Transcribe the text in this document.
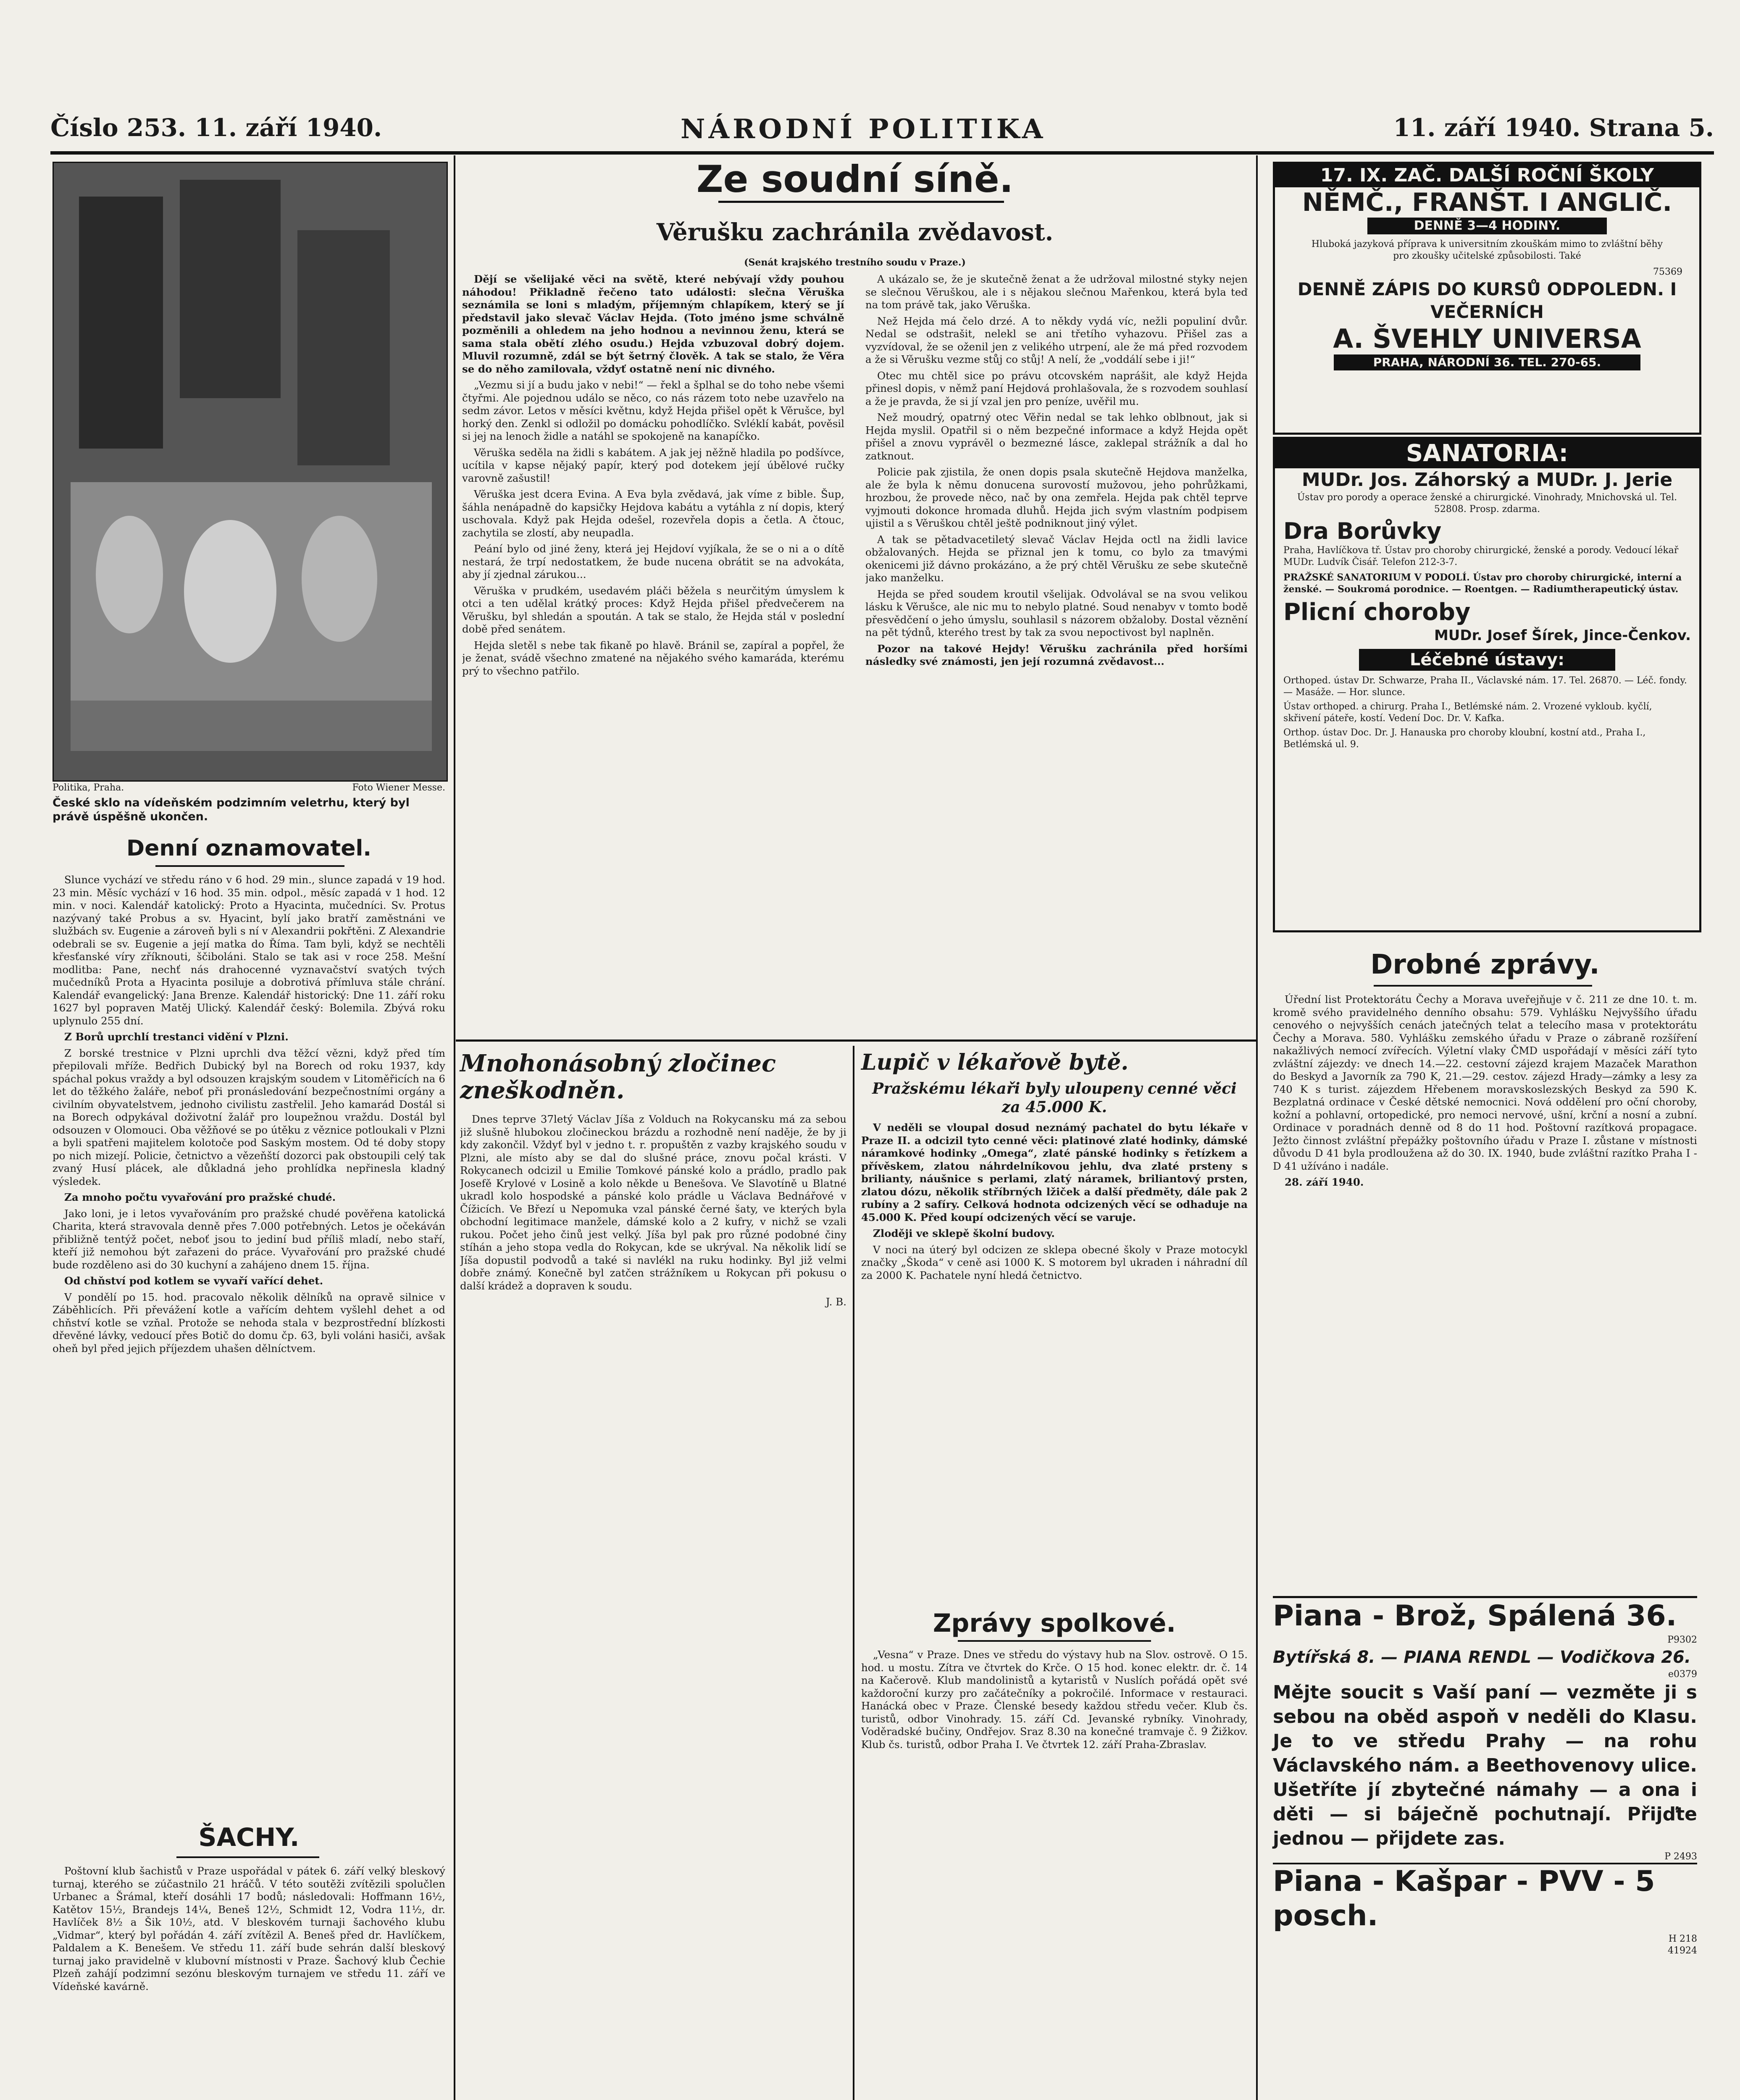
Číslo 253. 11. září 1940.	NÁRODNÍ POLITIKA	11. září 1940. Strana 5.
Politika, Praha.	Foto Wiener Messe.
České sklo na vídeňském podzimním veletrhu, který byl právě úspěšně ukončen.
Denní oznamovatel.

Slunce vychází ve středu ráno v 6 hod. 29 min., slunce zapadá v 19 hod. 23 min. Měsíc vychází v 16 hod. 35 min. odpol., měsíc zapadá v 1 hod. 12 min. v noci. Kalendář katolický: Proto a Hyacinta, mučedníci. Sv. Protus nazývaný také Probus a sv. Hyacint, bylí jako bratří zaměstnáni ve službách sv. Eugenie a zároveň byli s ní v Alexandrii pokřtěni. Z Alexandrie odebrali se sv. Eugenie a její matka do Říma. Tam byli, když se nechtěli křesťanské víry zříknouti, ščiboláni. Stalo se tak asi v roce 258. Mešní modlitba: Pane, nechť nás drahocenné vyznavačství svatých tvých mučedníků Prota a Hyacinta posiluje a dobrotivá přímluva stále chrání. Kalendář evangelický: Jana Brenze. Kalendář historický: Dne 11. září roku 1627 byl popraven Matěj Ulický. Kalendář český: Bolemila. Zbývá roku uplynulo 255 dní.

Z Borů uprchlí trestanci vidění v Plzni.

Z borské trestnice v Plzni uprchli dva těžcí vězni, když před tím přepilovali mříže. Bedřich Dubický byl na Borech od roku 1937, kdy spáchal pokus vraždy a byl odsouzen krajským soudem v Litoměřicích na 6 let do těžkého žaláře, neboť při pronásledování bezpečnostními orgány a civilním obyvatelstvem, jednoho civilistu zastřelil. Jeho kamarád Dostál si na Borech odpykával doživotní žalář pro loupežnou vraždu. Dostál byl odsouzen v Olomouci. Oba věžňové se po útěku z věznice potloukali v Plzni a byli spatřeni majitelem kolotoče pod Saským mostem. Od té doby stopy po nich mizejí. Policie, četnictvo a vězeňští dozorci pak obstoupili celý tak zvaný Husí plácek, ale důkladná jeho prohlídka nepřinesla kladný výsledek.

Za mnoho počtu vyvařování pro pražské chudé.

Jako loni, je i letos vyvařováním pro pražské chudé pověřena katolická Charita, která stravovala denně přes 7.000 potřebných. Letos je očekáván přibližně tentýž počet, neboť jsou to jediní bud příliš mladí, nebo staří, kteří již nemohou být zařazeni do práce. Vyvařování pro pražské chudé bude rozděleno asi do 30 kuchyní a zahájeno dnem 15. října.

Od chňství pod kotlem se vyvaří vařící dehet.

V pondělí po 15. hod. pracovalo několik dělníků na opravě silnice v Záběhlicích. Při převážení kotle a vařícím dehtem vyšlehl dehet a od chňství kotle se vzňal. Protože se nehoda stala v bezprostřední blízkosti dřevěné lávky, vedoucí přes Botič do domu čp. 63, byli voláni hasiči, avšak oheň byl před jejich příjezdem uhašen dělníctvem.

ŠACHY.

Poštovní klub šachistů v Praze uspořádal v pátek 6. září velký bleskový turnaj, kterého se zúčastnilo 21 hráčů. V této soutěži zvítězili spolučlen Urbanec a Šrámal, kteří dosáhli 17 bodů; následovali: Hoffmann 16½, Katětov 15½, Brandejs 14¼, Beneš 12½, Schmidt 12, Vodra 11½, dr. Havlíček 8½ a Šik 10½, atd. V bleskovém turnaji šachového klubu „Vidmar“, který byl pořádán 4. září zvítězil A. Beneš před dr. Havlíčkem, Paldalem a K. Benešem. Ve středu 11. září bude sehrán další bleskový turnaj jako pravidelně v klubovní místnosti v Praze. Šachový klub Čechie Plzeň zahájí podzimní sezónu bleskovým turnajem ve středu 11. září ve Vídeňské kavárně.

Ze soudní síně.
Věrušku zachránila zvědavost.
(Senát krajského trestního soudu v Praze.)

Dějí se všelijaké věci na světě, které nebývají vždy pouhou náhodou! Přikladně řečeno tato události: slečna Věruška seznámila se loni s mladým, příjemným chlapíkem, který se jí představil jako slevač Václav Hejda. (Toto jméno jsme schválně pozměnili a ohledem na jeho hodnou a nevinnou ženu, která se sama stala obětí zlého osudu.) Hejda vzbuzoval dobrý dojem. Mluvil rozumně, zdál se být šetrný člověk. A tak se stalo, že Věra se do něho zamilovala, vždyť ostatně není nic divného.

„Vezmu si jí a budu jako v nebi!“ — řekl a šplhal se do toho nebe všemi čtyřmi. Ale pojednou událo se něco, co nás rázem toto nebe uzavřelo na sedm závor. Letos v měsíci květnu, když Hejda přišel opět k Věrušce, byl horký den. Zenkl si odložil po domácku pohodlíčko. Svléklí kabát, pověsil si jej na lenoch židle a natáhl se spokojeně na kanapíčko.

Věruška seděla na židli s kabátem. A jak jej něžně hladila po podšívce, ucítila v kapse nějaký papír, který pod dotekem její úbělové ručky varovně zašustil!

Věruška jest dcera Evina. A Eva byla zvědavá, jak víme z bible. Šup, šáhla nenápadně do kapsičky Hejdova kabátu a vytáhla z ní dopis, který uschovala. Když pak Hejda odešel, rozevřela dopis a četla. A čtouc, zachytila se zlostí, aby neupadla.

Peání bylo od jiné ženy, která jej Hejdoví vyjíkala, že se o ni a o dítě nestará, že trpí nedostatkem, že bude nucena obrátit se na advokáta, aby jí zjednal zárukou...

Věruška v prudkém, usedavém pláči běžela s neurčitým úmyslem k otci a ten udělal krátký proces: Když Hejda přišel předvečerem na Věrušku, byl shledán a spoután. A tak se stalo, že Hejda stál v poslední době před senátem.

Hejda sletěl s nebe tak fikaně po hlavě. Bránil se, zapíral a popřel, že je ženat, svádě všechno zmatené na nějakého svého kamaráda, kterému prý to všechno patřilo.

A ukázalo se, že je skutečně ženat a že udržoval milostné styky nejen se slečnou Věruškou, ale i s nějakou slečnou Mařenkou, která byla teď na tom právě tak, jako Věruška.

Než Hejda má čelo drzé. A to někdy vydá víc, nežli populiní dvůr. Nedal se odstrašit, nelekl se ani třetího vyhazovu. Přišel zas a vyzvídoval, že se oženil jen z velikého utrpení, ale že má před rozvodem a že si Věrušku vezme stůj co stůj! A nelí, že „voddálí sebe i ji!“

Otec mu chtěl sice po právu otcovském naprášit, ale když Hejda přinesl dopis, v němž paní Hejdová prohlašovala, že s rozvodem souhlasí a že je pravda, že si jí vzal jen pro peníze, uvěřil mu.

Než moudrý, opatrný otec Věřin nedal se tak lehko oblbnout, jak si Hejda myslil. Opatřil si o něm bezpečné informace a když Hejda opět přišel a znovu vyprávěl o bezmezné lásce, zaklepal strážník a dal ho zatknout.

Policie pak zjistila, že onen dopis psala skutečně Hejdova manželka, ale že byla k němu donucena surovostí mužovou, jeho pohrůžkami, hrozbou, že provede něco, nač by ona zemřela. Hejda pak chtěl teprve vyjmouti dokonce hromada dluhů. Hejda jich svým vlastním podpisem ujistil a s Věruškou chtěl ještě podniknout jiný výlet.

A tak se pětadvacetiletý slevač Václav Hejda octl na židli lavice obžalovaných. Hejda se přiznal jen k tomu, co bylo za tmavými okenicemi již dávno prokázáno, a že prý chtěl Věrušku ze sebe skutečně jako manželku.

Hejda se před soudem kroutil všelijak. Odvolával se na svou velikou lásku k Věrušce, ale nic mu to nebylo platné. Soud nenabyv v tomto bodě přesvědčení o jeho úmyslu, souhlasil s názorem obžaloby. Dostal věznění na pět týdnů, kterého trest by tak za svou nepoctivost byl naplněn.

Pozor na takové Hejdy! Věrušku zachránila před horšími následky své známosti, jen její rozumná zvědavost...

Mnohonásobný zločinec zneškodněn.

Dnes teprve 37letý Václav Jíša z Volduch na Rokycansku má za sebou již slušně hlubokou zločineckou brázdu a rozhodně není naděje, že by ji kdy zakončil. Vždyť byl v jedno t. r. propuštěn z vazby krajského soudu v Plzni, ale místo aby se dal do slušné práce, znovu počal krásti. V Rokycanech odcizil u Emilie Tomkové pánské kolo a prádlo, pradlo pak Josefě Krylové v Losině a kolo někde u Benešova. Ve Slavotíně u Blatné ukradl kolo hospodské a pánské kolo prádle u Václava Bednářové v Čížicích. Ve Březí u Nepomuka vzal pánské černé šaty, ve kterých byla obchodní legitimace manžele, dámské kolo a 2 kufry, v nichž se vzali rukou. Počet jeho činů jest velký. Jíša byl pak pro různé podobné činy stíhán a jeho stopa vedla do Rokycan, kde se ukrýval. Na několik lidí se Jíša dopustil podvodů a také si navlékl na ruku hodinky. Byl již velmi dobře známý. Konečně byl zatčen strážníkem u Rokycan při pokusu o další krádež a dopraven k soudu.

J. B.

Lupič v lékařově bytě.
Pražskému lékaři byly uloupeny cenné věci za 45.000 K.

V neděli se vloupal dosud neznámý pachatel do bytu lékaře v Praze II. a odcizil tyto cenné věci: platinové zlaté hodinky, dámské náramkové hodinky „Omega“, zlaté pánské hodinky s řetízkem a přívěskem, zlatou náhrdelníkovou jehlu, dva zlaté prsteny s brilianty, náušnice s perlami, zlatý náramek, briliantový prsten, zlatou dózu, několik stříbrných lžiček a další předměty, dále pak 2 rubíny a 2 safíry. Celková hodnota odcizených věcí se odhaduje na 45.000 K. Před koupí odcizených věcí se varuje.

Zloději ve sklepě školní budovy.

V noci na úterý byl odcizen ze sklepa obecné školy v Praze motocykl značky „Škoda“ v ceně asi 1000 K. S motorem byl ukraden i náhradní díl za 2000 K. Pachatele nyní hledá četnictvo.

Zprávy spolkové.

„Vesna“ v Praze. Dnes ve středu do výstavy hub na Slov. ostrově. O 15. hod. u mostu. Zítra ve čtvrtek do Krče. O 15 hod. konec elektr. dr. č. 14 na Kačerově. Klub mandolinistů a kytaristů v Nuslích pořádá opět své každoroční kurzy pro začátečníky a pokročilé. Informace v restauraci. Hanácká obec v Praze. Členské besedy každou středu večer. Klub čs. turistů, odbor Vinohrady. 15. září Cd. Jevanské rybníky. Vinohrady, Voděradské bučiny, Ondřejov. Sraz 8.30 na konečné tramvaje č. 9 Žižkov. Klub čs. turistů, odbor Praha I. Ve čtvrtek 12. září Praha-Zbraslav.

17. IX. ZAČ. DALŠÍ ROČNÍ ŠKOLY
NĚMČ., FRANŠT. I ANGLIČ.
DENNĚ 3—4 HODINY.
Hluboká jazyková příprava k universitním zkouškám mimo to zvláštní běhy pro zkoušky učitelské způsobilosti. Také
75369
DENNĚ ZÁPIS DO KURSŮ ODPOLEDN. I VEČERNÍCH
A. ŠVEHLY UNIVERSA
PRAHA, NÁRODNÍ 36. TEL. 270-65.
SANATORIA:
MUDr. Jos. Záhorský a MUDr. J. Jerie
Ústav pro porody a operace ženské a chirurgické. Vinohrady, Mnichovská ul. Tel. 52808. Prosp. zdarma.
Dra Borůvky
Praha, Havlíčkova tř. Ústav pro choroby chirurgické, ženské a porody. Vedoucí lékař MUDr. Ludvík Čisář. Telefon 212-3-7.
PRAŽSKÉ SANATORIUM V PODOLÍ. Ústav pro choroby chirurgické, interní a ženské. — Soukromá porodnice. — Roentgen. — Radiumtherapeutický ústav.
Plicní choroby
MUDr. Josef Šírek, Jince-Čenkov.
Léčebné ústavy:
Orthoped. ústav Dr. Schwarze, Praha II., Václavské nám. 17. Tel. 26870. — Léč. fondy. — Masáže. — Hor. slunce.
Ústav orthoped. a chirurg. Praha I., Betlémské nám. 2. Vrozené vykloub. kyčlí, skřivení páteře, kostí. Vedení Doc. Dr. V. Kafka.
Orthop. ústav Doc. Dr. J. Hanauska pro choroby kloubní, kostní atd., Praha I., Betlémská ul. 9.
Drobné zprávy.

Úřední list Protektorátu Čechy a Morava uveřejňuje v č. 211 ze dne 10. t. m. kromě svého pravidelného denního obsahu: 579. Vyhlášku Nejvyššího úřadu cenového o nejvyšších cenách jatečných telat a telecího masa v protektorátu Čechy a Morava. 580. Vyhlášku zemského úřadu v Praze o zábraně rozšíření nakažlivých nemocí zvířecích. Výletní vlaky ČMD uspořádají v měsíci září tyto zvláštní zájezdy: ve dnech 14.—22. cestovní zájezd krajem Mazaček Marathon do Beskyd a Javorník za 790 K, 21.—29. cestov. zájezd Hrady—zámky a lesy za 740 K s turist. zájezdem Hřebenem moravskoslezských Beskyd za 590 K. Bezplatná ordinace v České dětské nemocnici. Nová oddělení pro oční choroby, kožní a pohlavní, ortopedické, pro nemoci nervové, ušní, krční a nosní a zubní. Ordinace v poradnách denně od 8 do 11 hod. Poštovní razítková propagace. Ježto činnost zvláštní přepážky poštovního úřadu v Praze I. zůstane v místnosti důvodu D 41 byla prodloužena až do 30. IX. 1940, bude zvláštní razítko Praha I - D 41 užíváno i nadále.

28. září 1940.

Piana - Brož, Spálená 36.
P9302
Bytířská 8. — PIANA RENDL — Vodičkova 26.
e0379
Mějte soucit s Vaší paní — vezměte ji s sebou na oběd aspoň v neděli do Klasu. Je to ve středu Prahy — na rohu Václavského nám. a Beethovenovy ulice. Ušetříte jí zbytečné námahy — a ona i děti — si báječně pochutnají. Přijďte jednou — přijdete zas.
P 2493
Piana - Kašpar - PVV - 5 posch.
H 218
41924
